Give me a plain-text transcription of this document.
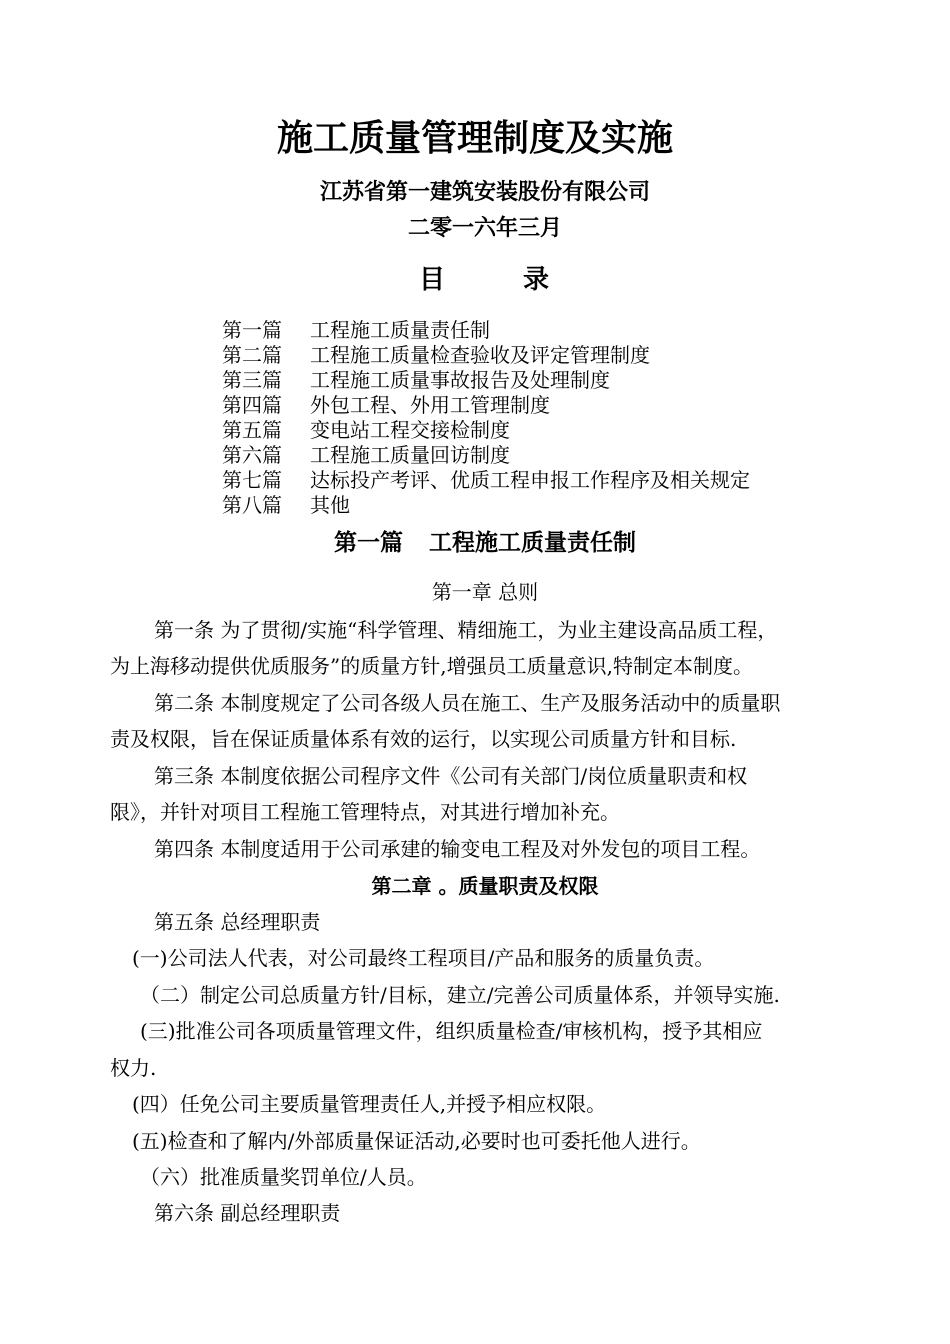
施工质量管理制度及实施
江苏省第一建筑安装股份有限公司
二零一六年三月
目	录
第一篇 工程施工质量责任制
第二篇 工程施工质量检查验收及评定管理制度
第三篇 工程施工质量事故报告及处理制度
第四篇 外包工程、外用工管理制度
第五篇 变电站工程交接检制度
第六篇 工程施工质量回访制度
第七篇 达标投产考评、优质工程申报工作程序及相关规定
第八篇 其他
第一篇 工程施工质量责任制
第一章 总则
第一条 为了贯彻/实施“科学管理、精细施工，为业主建设高品质工程，
为上海移动提供优质服务”的质量方针,增强员工质量意识,特制定本制度。
第二条 本制度规定了公司各级人员在施工、生产及服务活动中的质量职
责及权限，旨在保证质量体系有效的运行，以实现公司质量方针和目标.
第三条 本制度依据公司程序文件《公司有关部门/岗位质量职责和权
限》，并针对项目工程施工管理特点，对其进行增加补充。
第四条 本制度适用于公司承建的输变电工程及对外发包的项目工程。
第二章 。质量职责及权限
第五条 总经理职责
(一)公司法人代表，对公司最终工程项目/产品和服务的质量负责。
（二）制定公司总质量方针/目标，建立/完善公司质量体系，并领导实施.
(三)批准公司各项质量管理文件，组织质量检查/审核机构，授予其相应
权力.
(四）任免公司主要质量管理责任人,并授予相应权限。
(五)检查和了解内/外部质量保证活动,必要时也可委托他人进行。
（六）批准质量奖罚单位/人员。
第六条 副总经理职责
